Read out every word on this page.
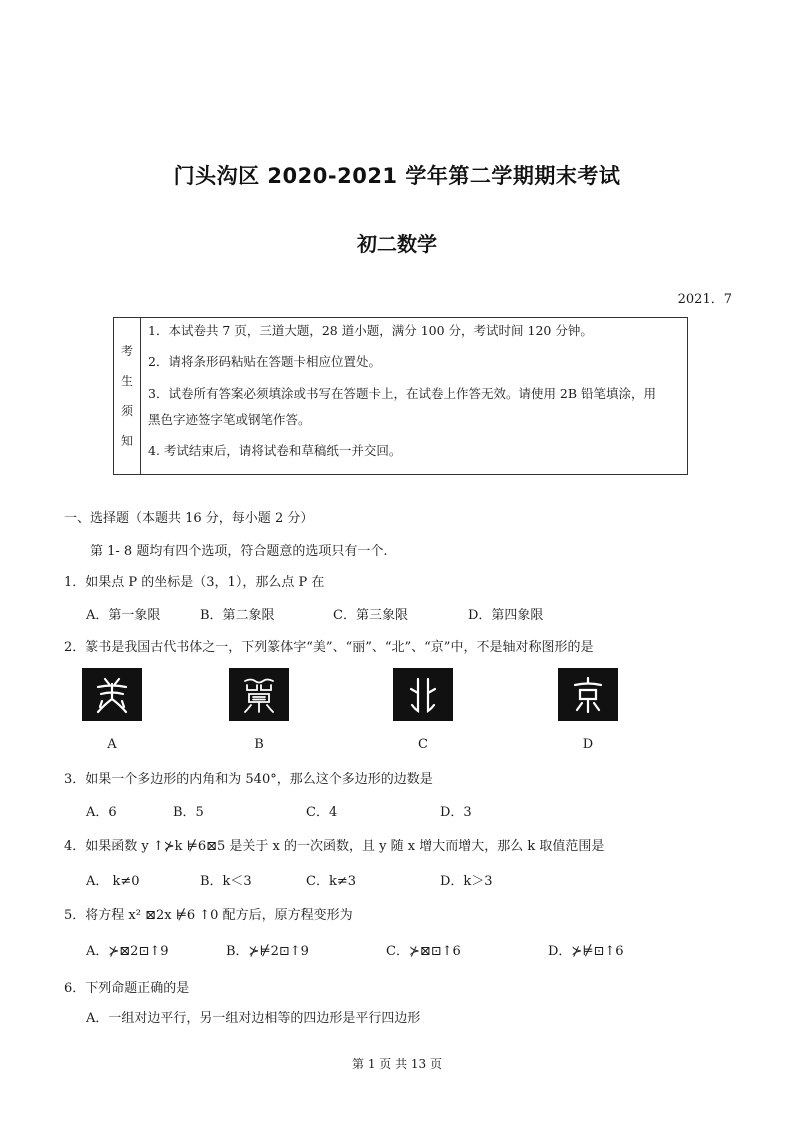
门头沟区 2020-2021 学年第二学期期末考试
初二数学
2021．7
考
生
须
知

1．本试卷共 7 页，三道大题，28 道小题，满分 100 分，考试时间 120 分钟。

2．请将条形码粘贴在答题卡相应位置处。

3．试卷所有答案必须填涂或书写在答题卡上，在试卷上作答无效。请使用 2B 铅笔填涂，用

黑色字迹签字笔或钢笔作答。

4. 考试结束后，请将试卷和草稿纸一并交回。

一、选择题（本题共 16 分，每小题 2 分）
第 1- 8 题均有四个选项，符合题意的选项只有一个.
1．如果点 P 的坐标是（3，1），那么点 P 在
A．第一象限	B．第二象限	C．第三象限	D．第四象限
2．篆书是我国古代书体之一，下列篆体字“美”、“丽”、“北”、“京”中，不是轴对称图形的是
A	B	C	D
3．如果一个多边形的内角和为 540°，那么这个多边形的边数是
A．6	B．5	C．4	D．3
4．如果函数 y ↑⊁k ⊭6⊠5 是关于 x 的一次函数，且 y 随 x 增大而增大，那么 k 取值范围是
A． k≠0	B．k＜3	C．k≠3	D．k＞3
5．将方程 x² ⊠2x ⊭6 ↑0 配方后，原方程变形为
A．⊁⊠2⊡↑9	B．⊁⊭2⊡↑9	C．⊁⊠⊡↑6	D．⊁⊭⊡↑6
6．下列命题正确的是
A．一组对边平行，另一组对边相等的四边形是平行四边形
第 1 页 共 13 页
